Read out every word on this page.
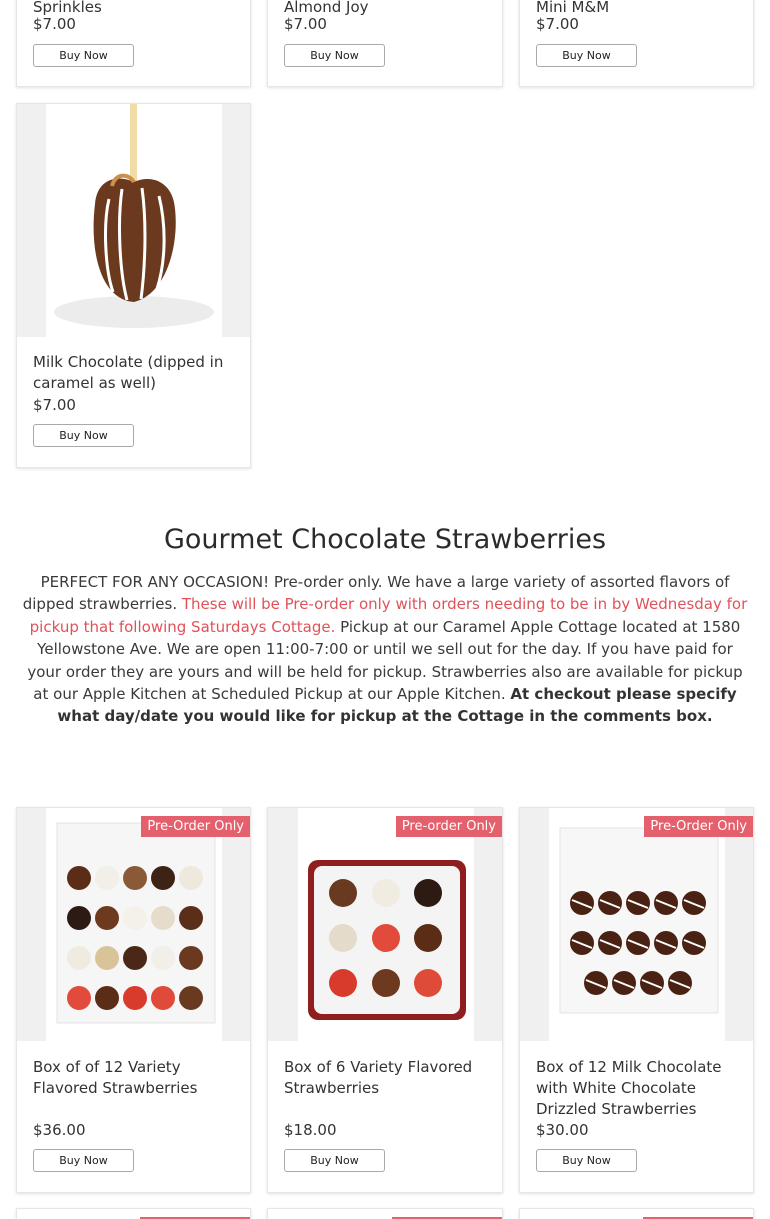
Sprinkles
$7.00
Buy Now
Almond Joy
$7.00
Buy Now
Mini M&M
$7.00
Buy Now
Milk Chocolate (dipped in caramel as well)
$7.00
Buy Now
Gourmet Chocolate Strawberries

PERFECT FOR ANY OCCASION! Pre-order only. We have a large variety of assorted flavors of dipped strawberries. These will be Pre-order only with orders needing to be in by Wednesday for pickup that following Saturdays Cottage. Pickup at our Caramel Apple Cottage located at 1580 Yellowstone Ave. We are open 11:00-7:00 or until we sell out for the day. If you have paid for your order they are yours and will be held for pickup. Strawberries also are available for pickup at our Apple Kitchen at Scheduled Pickup at our Apple Kitchen. At checkout please specify what day/date you would like for pickup at the Cottage in the comments box.

Pre-Order Only
Box of of 12 Variety Flavored Strawberries
$36.00
Buy Now
Pre-order Only
Box of 6 Variety Flavored Strawberries
$18.00
Buy Now
Pre-Order Only
Box of 12 Milk Chocolate with White Chocolate Drizzled Strawberries
$30.00
Buy Now
